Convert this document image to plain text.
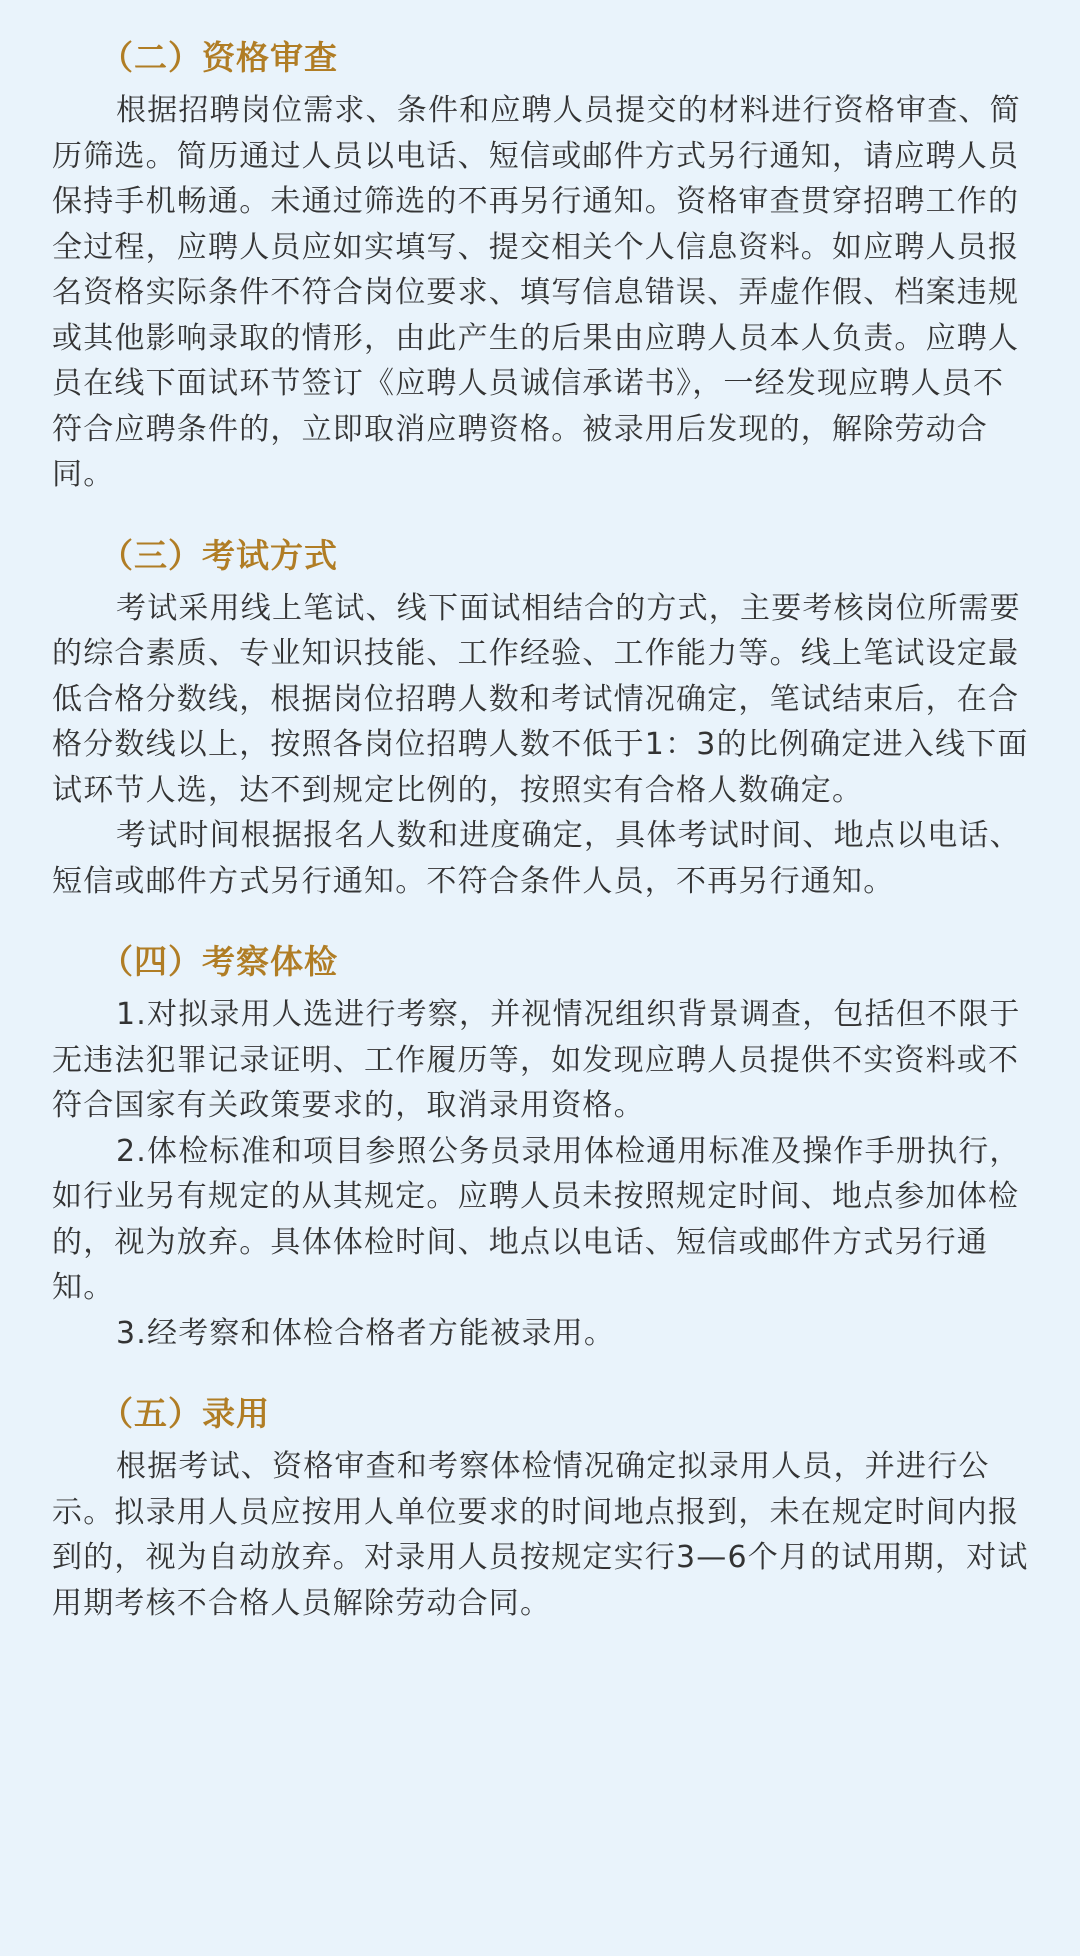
（二）资格审查

根据招聘岗位需求、条件和应聘人员提交的材料进行资格审查、简历筛选。简历通过人员以电话、短信或邮件方式另行通知，请应聘人员保持手机畅通。未通过筛选的不再另行通知。资格审查贯穿招聘工作的全过程，应聘人员应如实填写、提交相关个人信息资料。如应聘人员报名资格实际条件不符合岗位要求、填写信息错误、弄虚作假、档案违规或其他影响录取的情形，由此产生的后果由应聘人员本人负责。应聘人员在线下面试环节签订《应聘人员诚信承诺书》，一经发现应聘人员不符合应聘条件的，立即取消应聘资格。被录用后发现的，解除劳动合同。

（三）考试方式

考试采用线上笔试、线下面试相结合的方式，主要考核岗位所需要的综合素质、专业知识技能、工作经验、工作能力等。线上笔试设定最低合格分数线，根据岗位招聘人数和考试情况确定，笔试结束后，在合格分数线以上，按照各岗位招聘人数不低于1：3的比例确定进入线下面试环节人选，达不到规定比例的，按照实有合格人数确定。

考试时间根据报名人数和进度确定，具体考试时间、地点以电话、短信或邮件方式另行通知。不符合条件人员，不再另行通知。

（四）考察体检

1.对拟录用人选进行考察，并视情况组织背景调查，包括但不限于无违法犯罪记录证明、工作履历等，如发现应聘人员提供不实资料或不符合国家有关政策要求的，取消录用资格。

2.体检标准和项目参照公务员录用体检通用标准及操作手册执行，如行业另有规定的从其规定。应聘人员未按照规定时间、地点参加体检的，视为放弃。具体体检时间、地点以电话、短信或邮件方式另行通知。

3.经考察和体检合格者方能被录用。

（五）录用

根据考试、资格审查和考察体检情况确定拟录用人员，并进行公示。拟录用人员应按用人单位要求的时间地点报到，未在规定时间内报到的，视为自动放弃。对录用人员按规定实行3—6个月的试用期，对试用期考核不合格人员解除劳动合同。
